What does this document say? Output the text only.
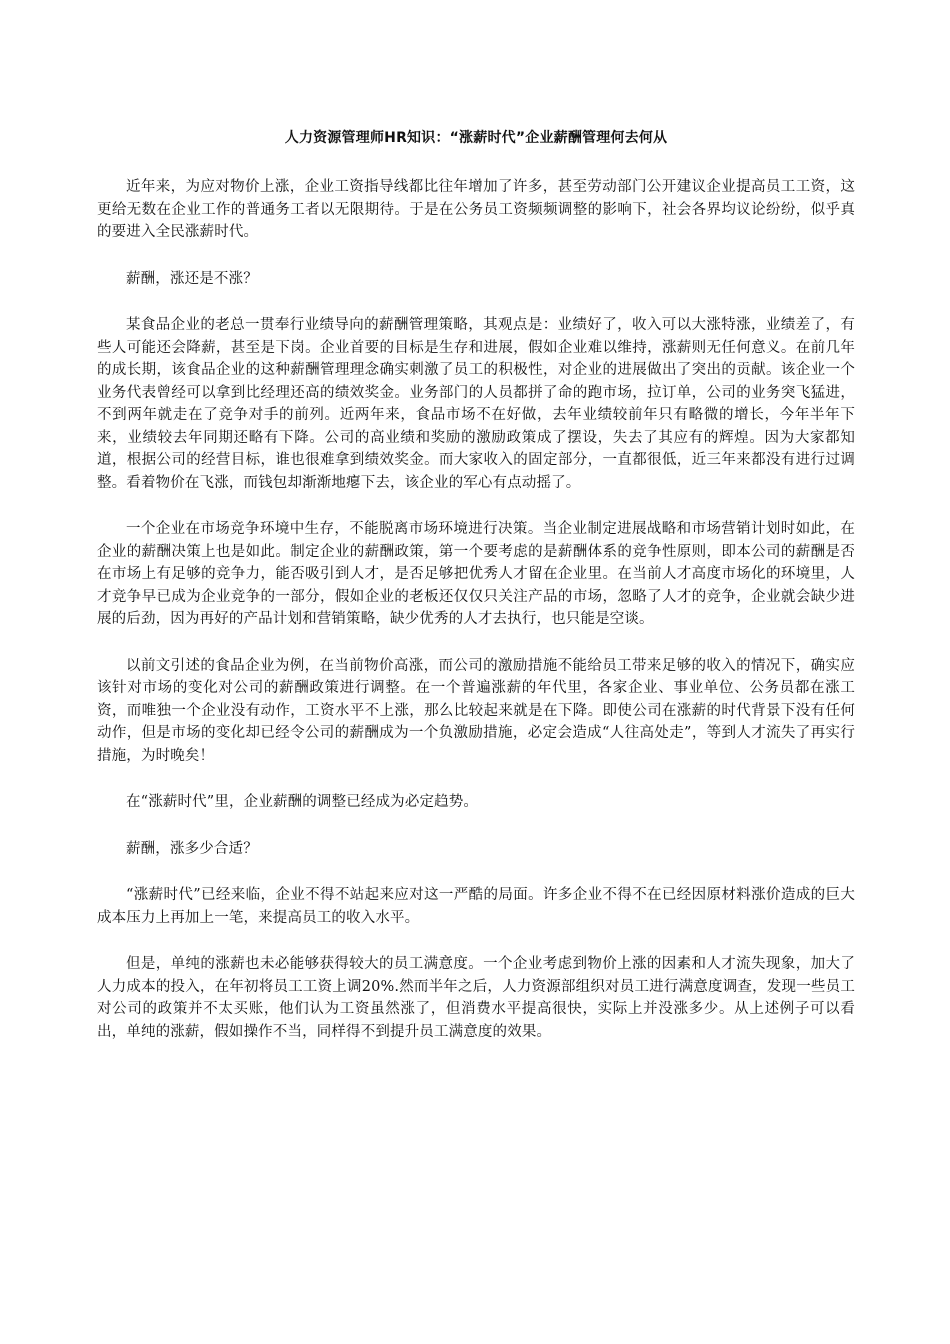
人力资源管理师HR知识：“涨薪时代”企业薪酬管理何去何从

近年来，为应对物价上涨，企业工资指导线都比往年增加了许多，甚至劳动部门公开建议企业提高员工工资，这更给无数在企业工作的普通务工者以无限期待。于是在公务员工资频频调整的影响下，社会各界均议论纷纷，似乎真的要进入全民涨薪时代。

薪酬，涨还是不涨？

某食品企业的老总一贯奉行业绩导向的薪酬管理策略，其观点是：业绩好了，收入可以大涨特涨，业绩差了，有些人可能还会降薪，甚至是下岗。企业首要的目标是生存和进展，假如企业难以维持，涨薪则无任何意义。在前几年的成长期，该食品企业的这种薪酬管理理念确实刺激了员工的积极性，对企业的进展做出了突出的贡献。该企业一个业务代表曾经可以拿到比经理还高的绩效奖金。业务部门的人员都拼了命的跑市场，拉订单，公司的业务突飞猛进，不到两年就走在了竞争对手的前列。近两年来，食品市场不在好做，去年业绩较前年只有略微的增长，今年半年下来，业绩较去年同期还略有下降。公司的高业绩和奖励的激励政策成了摆设，失去了其应有的辉煌。因为大家都知道，根据公司的经营目标，谁也很难拿到绩效奖金。而大家收入的固定部分，一直都很低，近三年来都没有进行过调整。看着物价在飞涨，而钱包却渐渐地瘪下去，该企业的军心有点动摇了。

一个企业在市场竞争环境中生存，不能脱离市场环境进行决策。当企业制定进展战略和市场营销计划时如此，在企业的薪酬决策上也是如此。制定企业的薪酬政策，第一个要考虑的是薪酬体系的竞争性原则，即本公司的薪酬是否在市场上有足够的竞争力，能否吸引到人才，是否足够把优秀人才留在企业里。在当前人才高度市场化的环境里，人才竞争早已成为企业竞争的一部分，假如企业的老板还仅仅只关注产品的市场，忽略了人才的竞争，企业就会缺少进展的后劲，因为再好的产品计划和营销策略，缺少优秀的人才去执行，也只能是空谈。

以前文引述的食品企业为例，在当前物价高涨，而公司的激励措施不能给员工带来足够的收入的情况下，确实应该针对市场的变化对公司的薪酬政策进行调整。在一个普遍涨薪的年代里，各家企业、事业单位、公务员都在涨工资，而唯独一个企业没有动作，工资水平不上涨，那么比较起来就是在下降。即使公司在涨薪的时代背景下没有任何动作，但是市场的变化却已经令公司的薪酬成为一个负激励措施，必定会造成“人往高处走”，等到人才流失了再实行措施，为时晚矣！

在“涨薪时代”里，企业薪酬的调整已经成为必定趋势。

薪酬，涨多少合适？

“涨薪时代”已经来临，企业不得不站起来应对这一严酷的局面。许多企业不得不在已经因原材料涨价造成的巨大成本压力上再加上一笔，来提高员工的收入水平。

但是，单纯的涨薪也未必能够获得较大的员工满意度。一个企业考虑到物价上涨的因素和人才流失现象，加大了人力成本的投入，在年初将员工工资上调20%.然而半年之后，人力资源部组织对员工进行满意度调查，发现一些员工对公司的政策并不太买账，他们认为工资虽然涨了，但消费水平提高很快，实际上并没涨多少。从上述例子可以看出，单纯的涨薪，假如操作不当，同样得不到提升员工满意度的效果。
